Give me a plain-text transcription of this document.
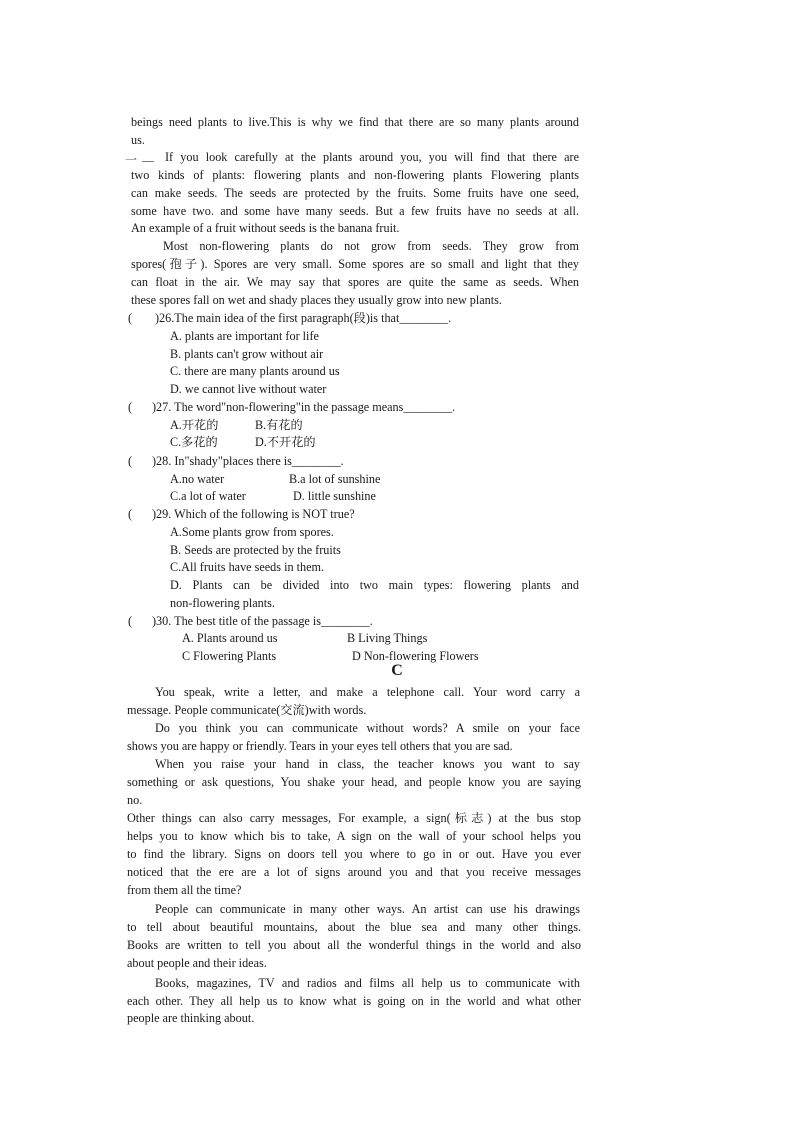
beings need plants to live.This is why we find that there are so many plants around
us.
一 — If you look carefully at the plants around you, you will find that there are
two kinds of plants: flowering plants and non-flowering plants Flowering plants
can make seeds. The seeds are protected by the fruits. Some fruits have one seed,
some have two. and some have many seeds. But a few fruits have no seeds at all.
An example of a fruit without seeds is the banana fruit.
Most non-flowering plants do not grow from seeds. They grow from
spores(孢子). Spores are very small. Some spores are so small and light that they
can float in the air. We may say that spores are quite the same as seeds. When
these spores fall on wet and shady places they usually grow into new plants.
( )26.The main idea of the first paragraph(段)is that________.
A. plants are important for life
B. plants can't grow without air
C. there are many plants around us
D. we cannot live without water
( )27. The word"non-flowering"in the passage means________.
A.开花的	B.有花的
C.多花的	D.不开花的
( )28. In"shady"places there is________.
A.no water	B.a lot of sunshine
C.a lot of water	D. little sunshine
( )29. Which of the following is NOT true?
A.Some plants grow from spores.
B. Seeds are protected by the fruits
C.All fruits have seeds in them.
D. Plants can be divided into two main types: flowering plants and
non-flowering plants.
( )30. The best title of the passage is________.
A. Plants around us	B Living Things
C Flowering Plants	D Non-flowering Flowers
C
You speak, write a letter, and make a telephone call. Your word carry a
message. People communicate(交流)with words.
Do you think you can communicate without words? A smile on your face
shows you are happy or friendly. Tears in your eyes tell others that you are sad.
When you raise your hand in class, the teacher knows you want to say
something or ask questions, You shake your head, and people know you are saying
no.
Other things can also carry messages, For example, a sign(标志) at the bus stop
helps you to know which bis to take, A sign on the wall of your school helps you
to find the library. Signs on doors tell you where to go in or out. Have you ever
noticed that the ere are a lot of signs around you and that you receive messages
from them all the time?
People can communicate in many other ways. An artist can use his drawings
to tell about beautiful mountains, about the blue sea and many other things.
Books are written to tell you about all the wonderful things in the world and also
about people and their ideas.
Books, magazines, TV and radios and films all help us to communicate with
each other. They all help us to know what is going on in the world and what other
people are thinking about.
